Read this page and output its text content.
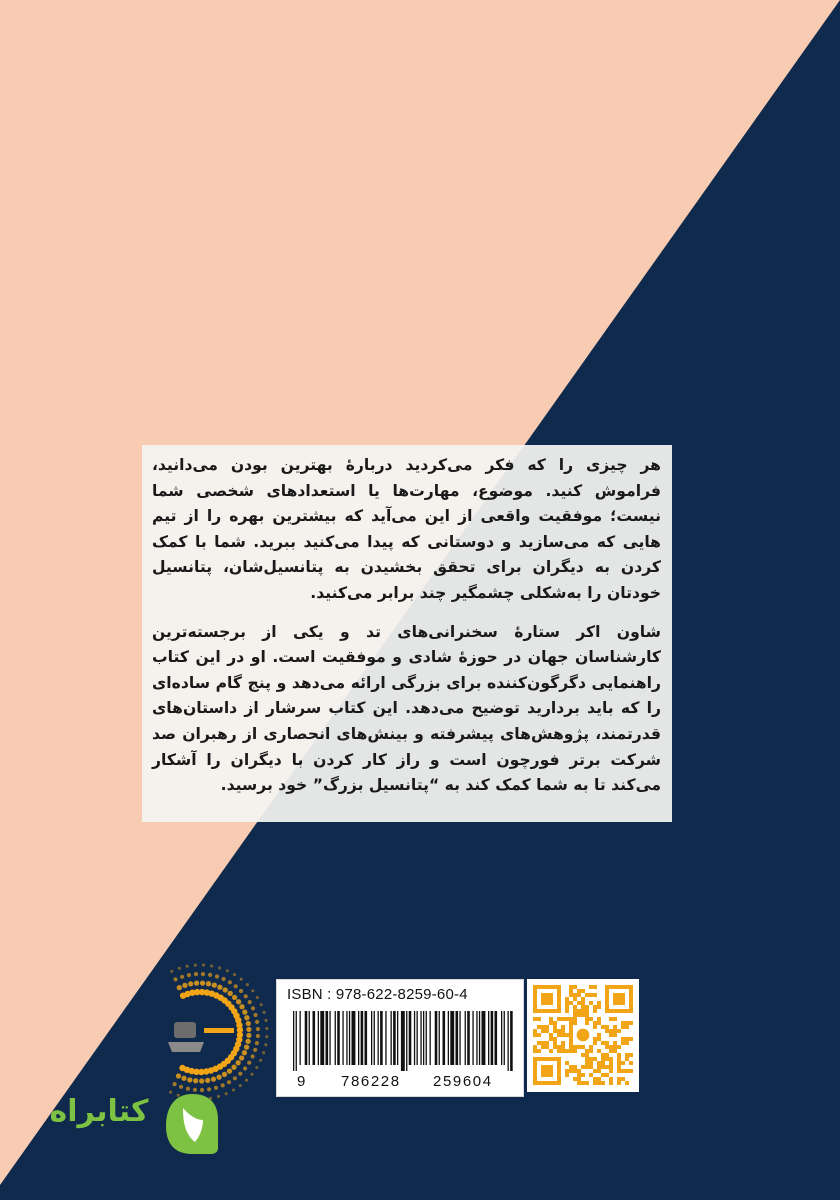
هر چیزی را که فکر می‌کردید دربارهٔ بهترین بودن می‌دانید، فراموش کنید. موضوع، مهارت‌ها یا استعدادهای شخصی شما نیست؛ موفقیت واقعی از این می‌آید که بیشترین بهره را از تیم هایی که می‌سازید و دوستانی که پیدا می‌کنید ببرید. شما با کمک کردن به دیگران برای تحقق بخشیدن به پتانسیل‌شان، پتانسیل خودتان را به‌شکلی چشمگیر چند برابر می‌کنید.

شاون اکر ستارهٔ سخنرانی‌های تد و یکی از برجسته‌ترین کارشناسان جهان در حوزهٔ شادی و موفقیت است. او در این کتاب راهنمایی دگرگون‌کننده برای بزرگی ارائه می‌دهد و پنج گام ساده‌ای را که باید بردارید توضیح می‌دهد. این کتاب سرشار از داستان‌های قدرتمند، پژوهش‌های پیشرفته و بینش‌های انحصاری از رهبران صد شرکت برتر فورچون است و راز کار کردن با دیگران را آشکار می‌کند تا به شما کمک کند به “پتانسیل بزرگ” خود برسید.

ISBN : 978-622-8259-60-4
9 786228 259604
کتابراه
